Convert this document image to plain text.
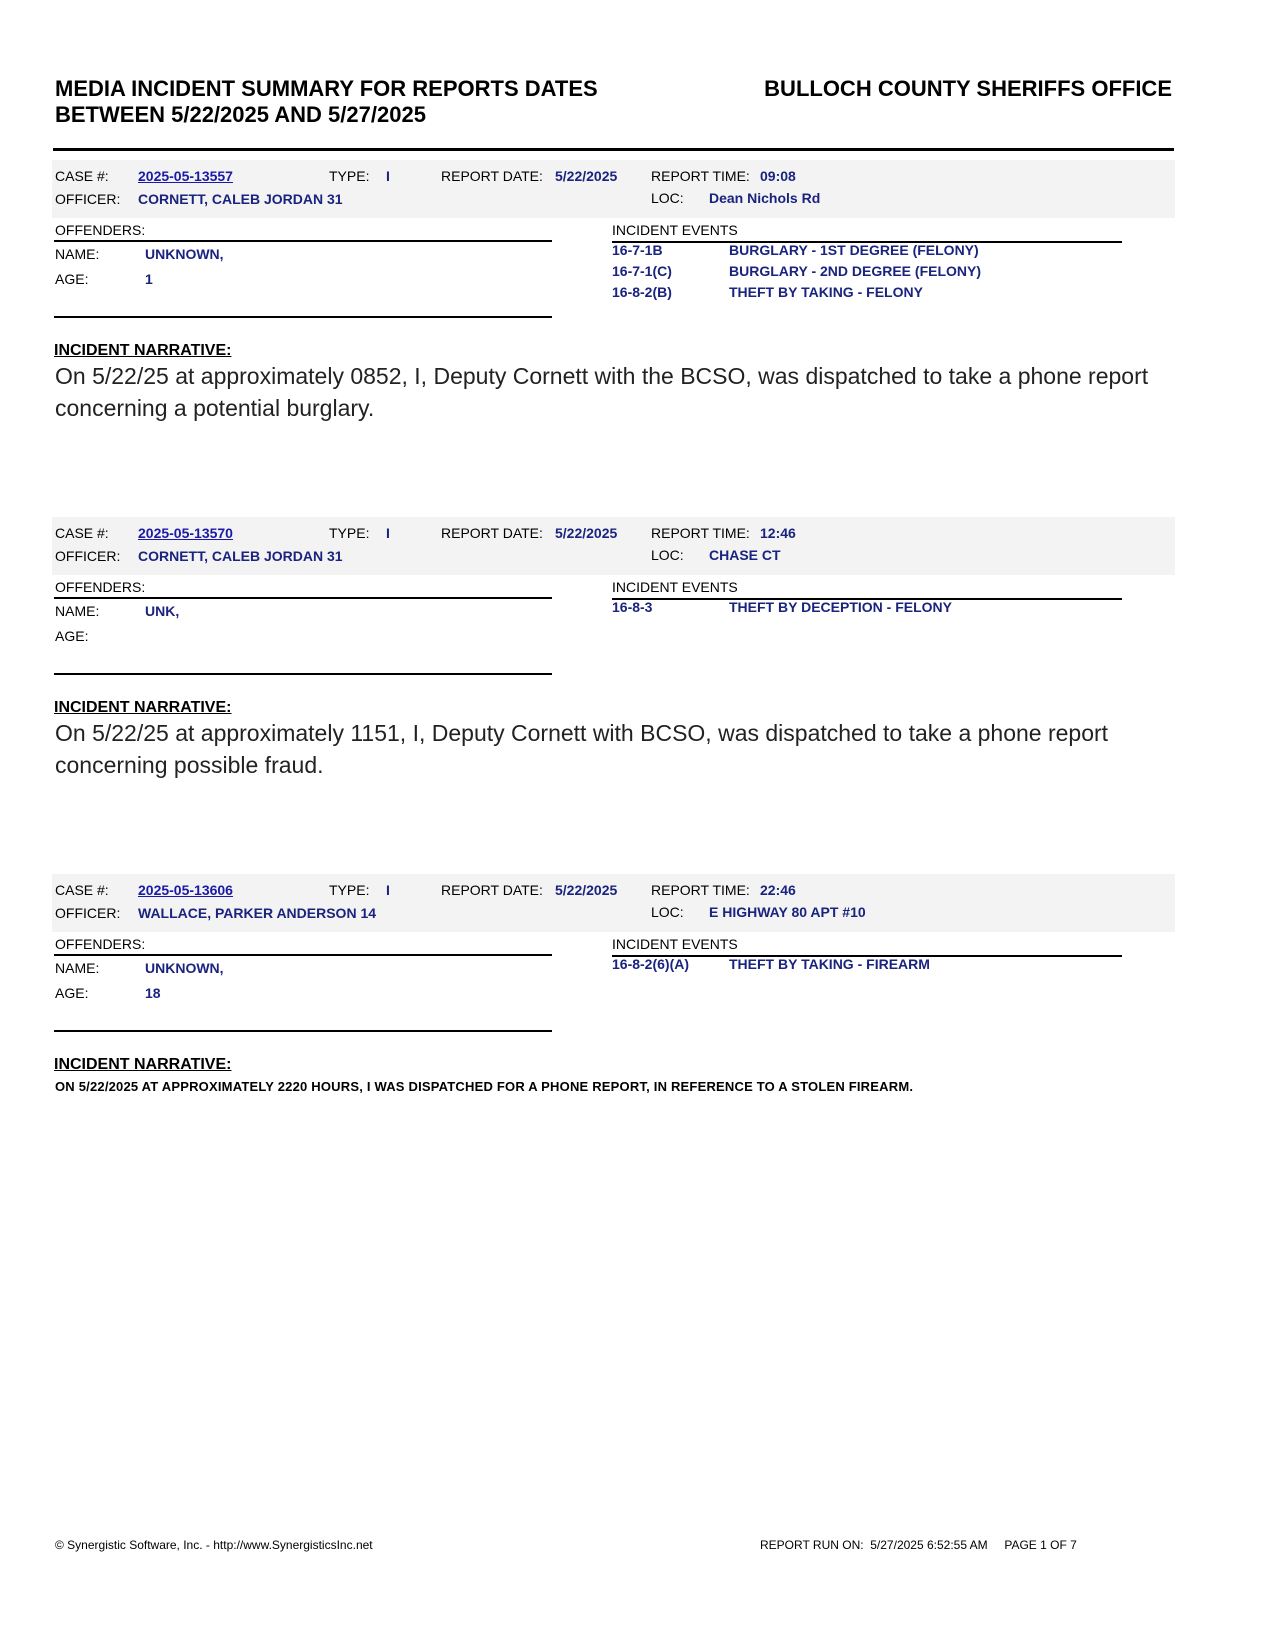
MEDIA INCIDENT SUMMARY FOR REPORTS DATES
BETWEEN 5/22/2025 AND 5/27/2025
BULLOCH COUNTY SHERIFFS OFFICE
CASE #: 2025-05-13557	TYPE: I	REPORT DATE: 5/22/2025 REPORT TIME: 09:08
OFFICER: CORNETT, CALEB JORDAN 31	LOC: Dean Nichols Rd
OFFENDERS:	INCIDENT EVENTS
NAME:	UNKNOWN,
AGE:	1
16-7-1B	BURGLARY - 1ST DEGREE (FELONY)
16-7-1(C)	BURGLARY - 2ND DEGREE (FELONY)
16-8-2(B)	THEFT BY TAKING - FELONY
INCIDENT NARRATIVE:
On 5/22/25 at approximately 0852, I, Deputy Cornett with the BCSO, was dispatched to take a phone report concerning a potential burglary.
CASE #: 2025-05-13570	TYPE: I	REPORT DATE: 5/22/2025 REPORT TIME: 12:46
OFFICER: CORNETT, CALEB JORDAN 31	LOC: CHASE CT
OFFENDERS:	INCIDENT EVENTS
NAME:	UNK,
AGE:
16-8-3	THEFT BY DECEPTION - FELONY
INCIDENT NARRATIVE:
On 5/22/25 at approximately 1151, I, Deputy Cornett with BCSO, was dispatched to take a phone report concerning possible fraud.
CASE #: 2025-05-13606	TYPE: I	REPORT DATE: 5/22/2025 REPORT TIME: 22:46
OFFICER: WALLACE, PARKER ANDERSON 14	LOC: E HIGHWAY 80 APT #10
OFFENDERS:	INCIDENT EVENTS
NAME:	UNKNOWN,
AGE:	18
16-8-2(6)(A)	THEFT BY TAKING - FIREARM
INCIDENT NARRATIVE:
ON 5/22/2025 AT APPROXIMATELY 2220 HOURS, I WAS DISPATCHED FOR A PHONE REPORT, IN REFERENCE TO A STOLEN FIREARM.
© Synergistic Software, Inc. - http://www.SynergisticsInc.net	REPORT RUN ON: 5/27/2025 6:52:55 AM PAGE 1 OF 7
